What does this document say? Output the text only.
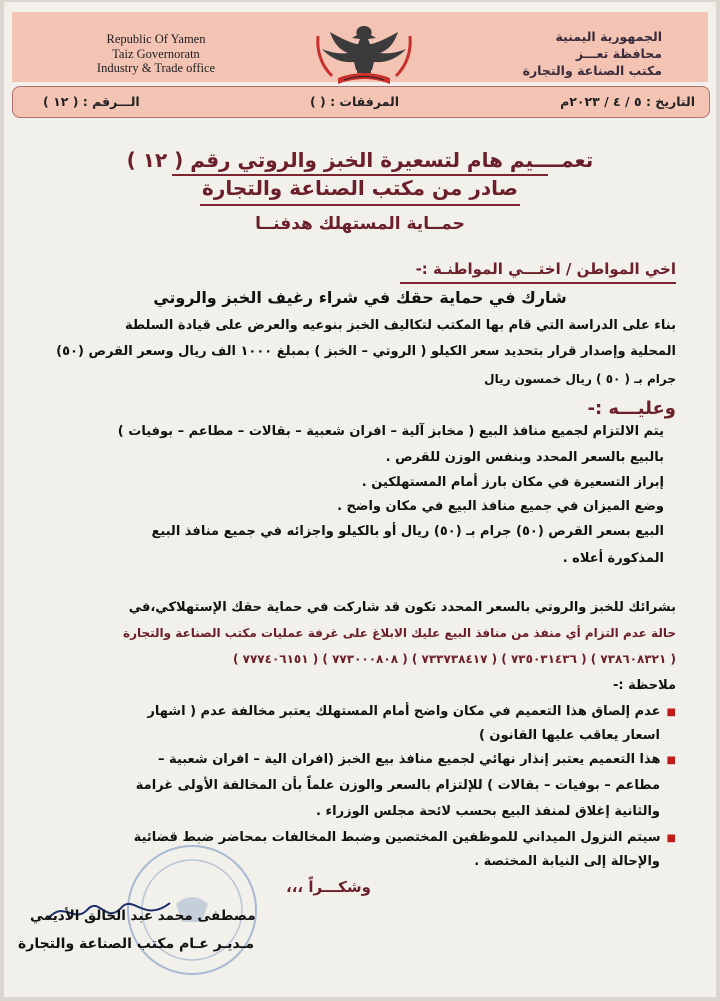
Republic Of Yamen
Taiz Governoratn
Industry & Trade office
الجمهورية اليمنية
محافظة تعـــز
مكتب الصناعة والتجارة
التاريخ : ٥ / ٤ / ٢٠٢٣م
المرفقات : ( )
الـــرقم : ( ١٢ )
تعمــــيم هام لتسعيرة الخبز والروتي رقم ( ١٢ )
صادر من مكتب الصناعة والتجارة
حمــاية المستهلك هدفنــا
اخي المواطن / اختـــي المواطنـة :-
شارك في حماية حقك في شراء رغيف الخبز والروتي
بناء على الدراسة التي قام بها المكتب لتكاليف الخبز بنوعيه والعرض على قيادة السلطة
المحلية وإصدار قرار بتحديد سعر الكيلو ( الروتي – الخبز ) بمبلغ ١٠٠٠ الف ريال وسعر القرص (٥٠)
جرام بـ ( ٥٠ ) ريال خمسون ريال
وعليـــه :-
يتم الالتزام لجميع منافذ البيع ( مخابز آلية – افران شعبية – بقالات – مطاعم – بوفيات )
بالبيع بالسعر المحدد وبنفس الوزن للقرص .
إبراز التسعيرة في مكان بارز أمام المستهلكين .
وضع الميزان في جميع منافذ البيع في مكان واضح .
البيع بسعر القرص (٥٠) جرام بـ (٥٠) ريال أو بالكيلو واجزائه في جميع منافذ البيع
المذكورة أعلاه .
بشرائك للخبز والروتي بالسعر المحدد تكون قد شاركت في حماية حقك الإستهلاكي،في
حالة عدم التزام أي منفذ من منافذ البيع عليك الابلاغ على غرفة عمليات مكتب الصناعة والتجارة
( ٧٣٨٦٠٨٣٢١ ) ( ٧٣٥٠٣١٤٣٦ ) ( ٧٣٣٧٣٨٤١٧ ) ( ٧٧٣٠٠٠٨٠٨ ) ( ٧٧٧٤٠٦١٥١ )
ملاحظة :-
■عدم إلصاق هذا التعميم في مكان واضح أمام المستهلك يعتبر مخالفة عدم ( اشهار
اسعار يعاقب عليها القانون )
■هذا التعميم يعتبر إنذار نهائي لجميع منافذ بيع الخبز (افران الية – افران شعبية –
مطاعم – بوفيات – بقالات ) للإلتزام بالسعر والوزن علماً بأن المخالفة الأولى غرامة
والثانية إغلاق لمنفذ البيع بحسب لائحة مجلس الوزراء .
■سيتم النزول الميداني للموظفين المختصين وضبط المخالفات بمحاضر ضبط قضائية
والإحالة إلى النيابة المختصة .
وشكـــراً ،،،
مصطفى محمد عبد الخالق الأديمي
مـديـر عـام مكتب الصناعة والتجارة
